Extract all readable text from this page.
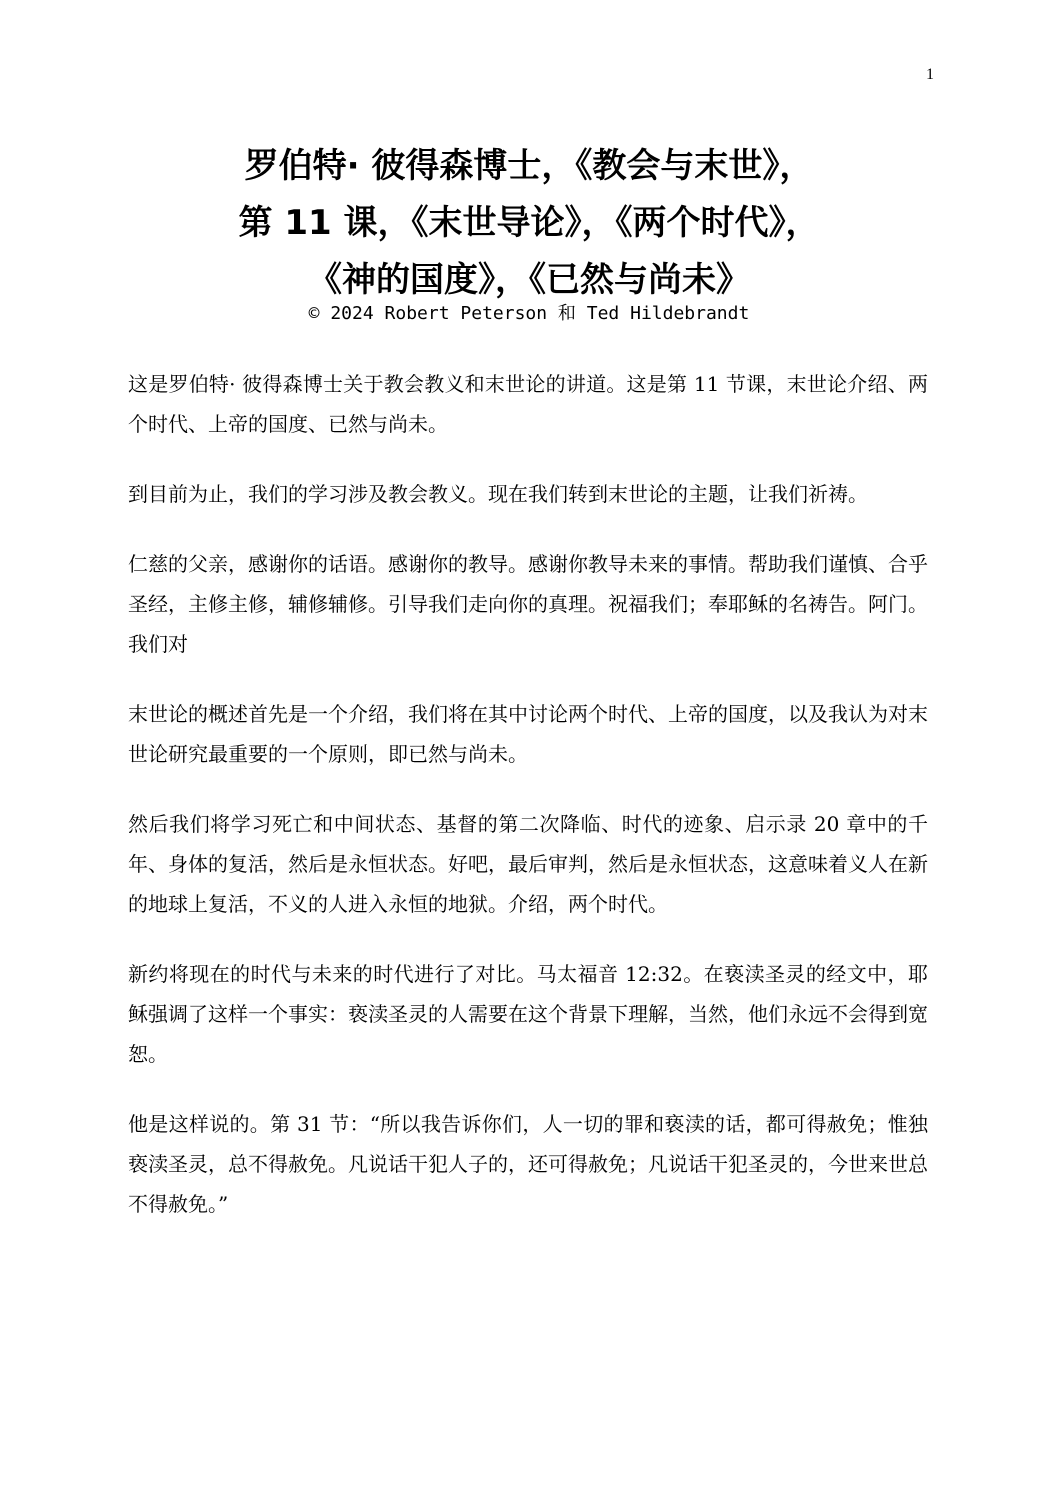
1
罗伯特· 彼得森博士，《教会与末世》，
第 11 课，《末世导论》，《两个时代》，
《神的国度》，《已然与尚未》
© 2024 Robert Peterson 和 Ted Hildebrandt

这是罗伯特· 彼得森博士关于教会教义和末世论的讲道。这是第 11 节课，末世论介绍、两个时代、上帝的国度、已然与尚未。

到目前为止，我们的学习涉及教会教义。现在我们转到末世论的主题，让我们祈祷。

仁慈的父亲，感谢你的话语。感谢你的教导。感谢你教导未来的事情。帮助我们谨慎、合乎圣经，主修主修，辅修辅修。引导我们走向你的真理。祝福我们；奉耶稣的名祷告。阿门。我们对

末世论的概述首先是一个介绍，我们将在其中讨论两个时代、上帝的国度，以及我认为对末世论研究最重要的一个原则，即已然与尚未。

然后我们将学习死亡和中间状态、基督的第二次降临、时代的迹象、启示录 20 章中的千年、身体的复活，然后是永恒状态。好吧，最后审判，然后是永恒状态，这意味着义人在新的地球上复活，不义的人进入永恒的地狱。介绍，两个时代。

新约将现在的时代与未来的时代进行了对比。马太福音 12:32。在亵渎圣灵的经文中，耶稣强调了这样一个事实：亵渎圣灵的人需要在这个背景下理解，当然，他们永远不会得到宽恕。

他是这样说的。第 31 节：“所以我告诉你们，人一切的罪和亵渎的话，都可得赦免；惟独亵渎圣灵，总不得赦免。凡说话干犯人子的，还可得赦免；凡说话干犯圣灵的，今世来世总不得赦免。”
